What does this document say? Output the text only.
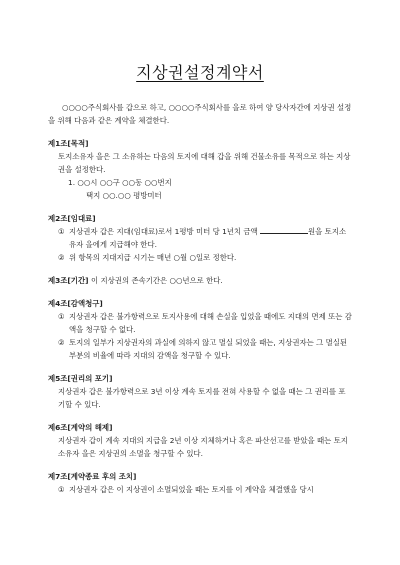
지상권설정계약서
○○○○주식회사를 갑으로 하고, ○○○○주식회사를 을로 하여 양 당사자간에 지상권 설정을 위해 다음과 같은 계약을 체결한다.
제1조[목적]
토지소유자 을은 그 소유하는 다음의 토지에 대해 갑을 위해 건물소유를 목적으로 하는 지상권을 설정한다.
1. ○○시 ○○구 ○○동 ○○번지
택지 ○○.○○ 평방미터
제2조[임대료]
① 지상권자 갑은 지대(임대료)로서 1평방 미터 당 1년치 금액	원을 토지소유자 을에게 지급해야 한다.
② 위 항목의 지대지급 시기는 매년 ○월 ○일로 정한다.
제3조[기간] 이 지상권의 존속기간은 ○○년으로 한다.
제4조[감액청구]
① 지상권자 갑은 불가항력으로 토지사용에 대해 손실을 입었을 때에도 지대의 면제 또는 감액을 청구할 수 없다.
② 토지의 일부가 지상권자의 과실에 의하지 않고 멸실 되었을 때는, 지상권자는 그 멸실된 부분의 비율에 따라 지대의 감액을 청구할 수 있다.
제5조[권리의 포기]
지상권자 갑은 불가항력으로 3년 이상 계속 토지를 전혀 사용할 수 없을 때는 그 권리를 포기할 수 있다.
제6조[계약의 해제]
지상권자 갑이 계속 지대의 지급을 2년 이상 지체하거나 혹은 파산선고를 받았을 때는 토지소유자 을은 지상권의 소멸을 청구할 수 있다.
제7조[계약종료 후의 조치]
① 지상권자 갑은 이 지상권이 소멸되었을 때는 토지를 이 계약을 체결했을 당시
